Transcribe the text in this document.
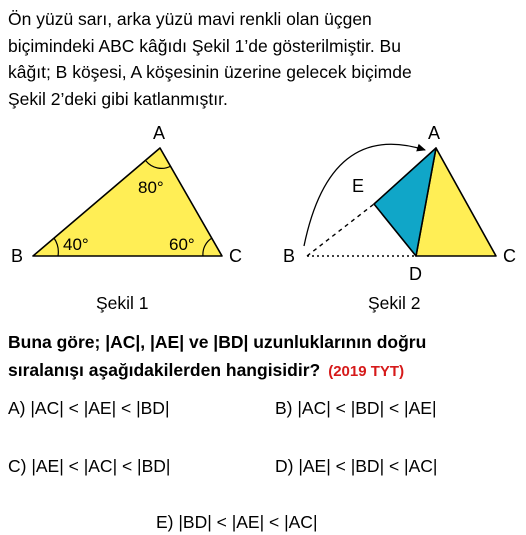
Ön yüzü sarı, arka yüzü mavi renkli olan üçgen
biçimindeki ABC kâğıdı Şekil 1’de gösterilmiştir. Bu
kâğıt; B köşesi, A köşesinin üzerine gelecek biçimde
Şekil 2’deki gibi katlanmıştır.
A
B	C
80°
40°	60°
A
B	C
D
E
Şekil 1	Şekil 2
Buna göre; |AC|, |AE| ve |BD| uzunluklarının doğru
sıralanışı aşağıdakilerden hangisidir? (2019 TYT)
A) |AC| < |AE| < |BD|	B) |AC| < |BD| < |AE|
C) |AE| < |AC| < |BD|	D) |AE| < |BD| < |AC|
E) |BD| < |AE| < |AC|
